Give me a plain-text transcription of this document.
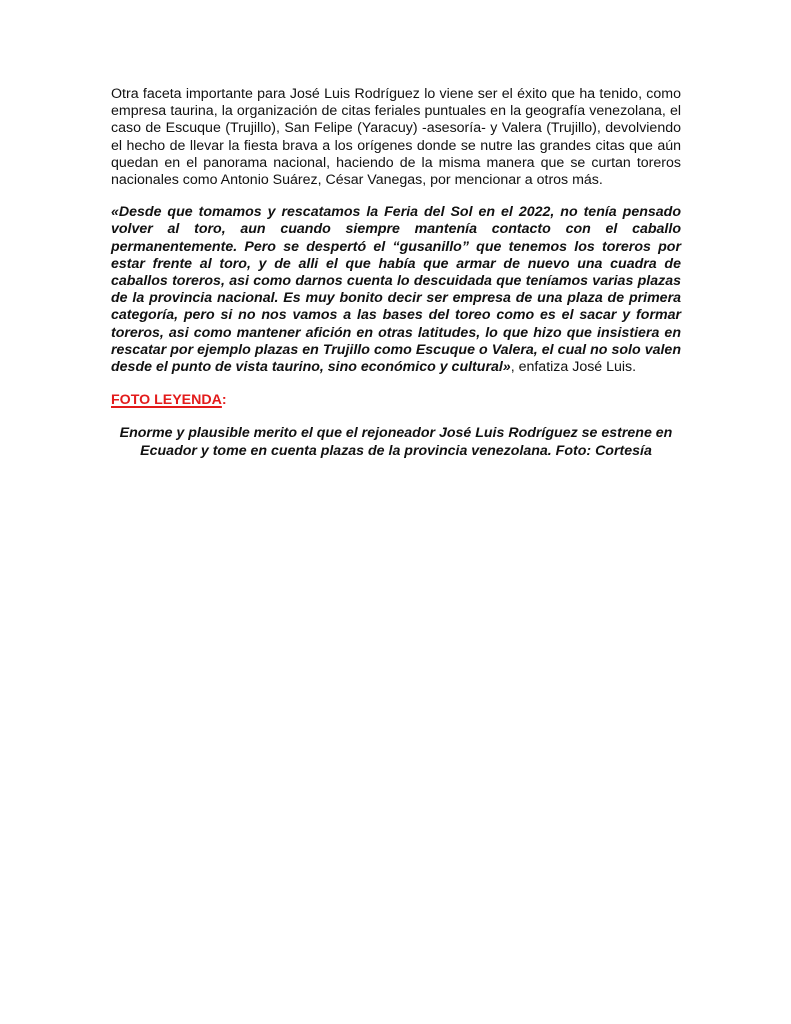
Otra faceta importante para José Luis Rodríguez lo viene ser el éxito que ha tenido, como empresa taurina, la organización de citas feriales puntuales en la geografía venezolana, el caso de Escuque (Trujillo), San Felipe (Yaracuy) -asesoría- y Valera (Trujillo), devolviendo el hecho de llevar la fiesta brava a los orígenes donde se nutre las grandes citas que aún quedan en el panorama nacional, haciendo de la misma manera que se curtan toreros nacionales como Antonio Suárez, César Vanegas, por mencionar a otros más.

«Desde que tomamos y rescatamos la Feria del Sol en el 2022, no tenía pensado volver al toro, aun cuando siempre mantenía contacto con el caballo permanentemente. Pero se despertó el “gusanillo” que tenemos los toreros por estar frente al toro, y de alli el que había que armar de nuevo una cuadra de caballos toreros, asi como darnos cuenta lo descuidada que teníamos varias plazas de la provincia nacional. Es muy bonito decir ser empresa de una plaza de primera categoría, pero si no nos vamos a las bases del toreo como es el sacar y formar toreros, asi como mantener afición en otras latitudes, lo que hizo que insistiera en rescatar por ejemplo plazas en Trujillo como Escuque o Valera, el cual no solo valen desde el punto de vista taurino, sino económico y cultural», enfatiza José Luis.

FOTO LEYENDA:

Enorme y plausible merito el que el rejoneador José Luis Rodríguez se estrene en Ecuador y tome en cuenta plazas de la provincia venezolana. Foto: Cortesía
